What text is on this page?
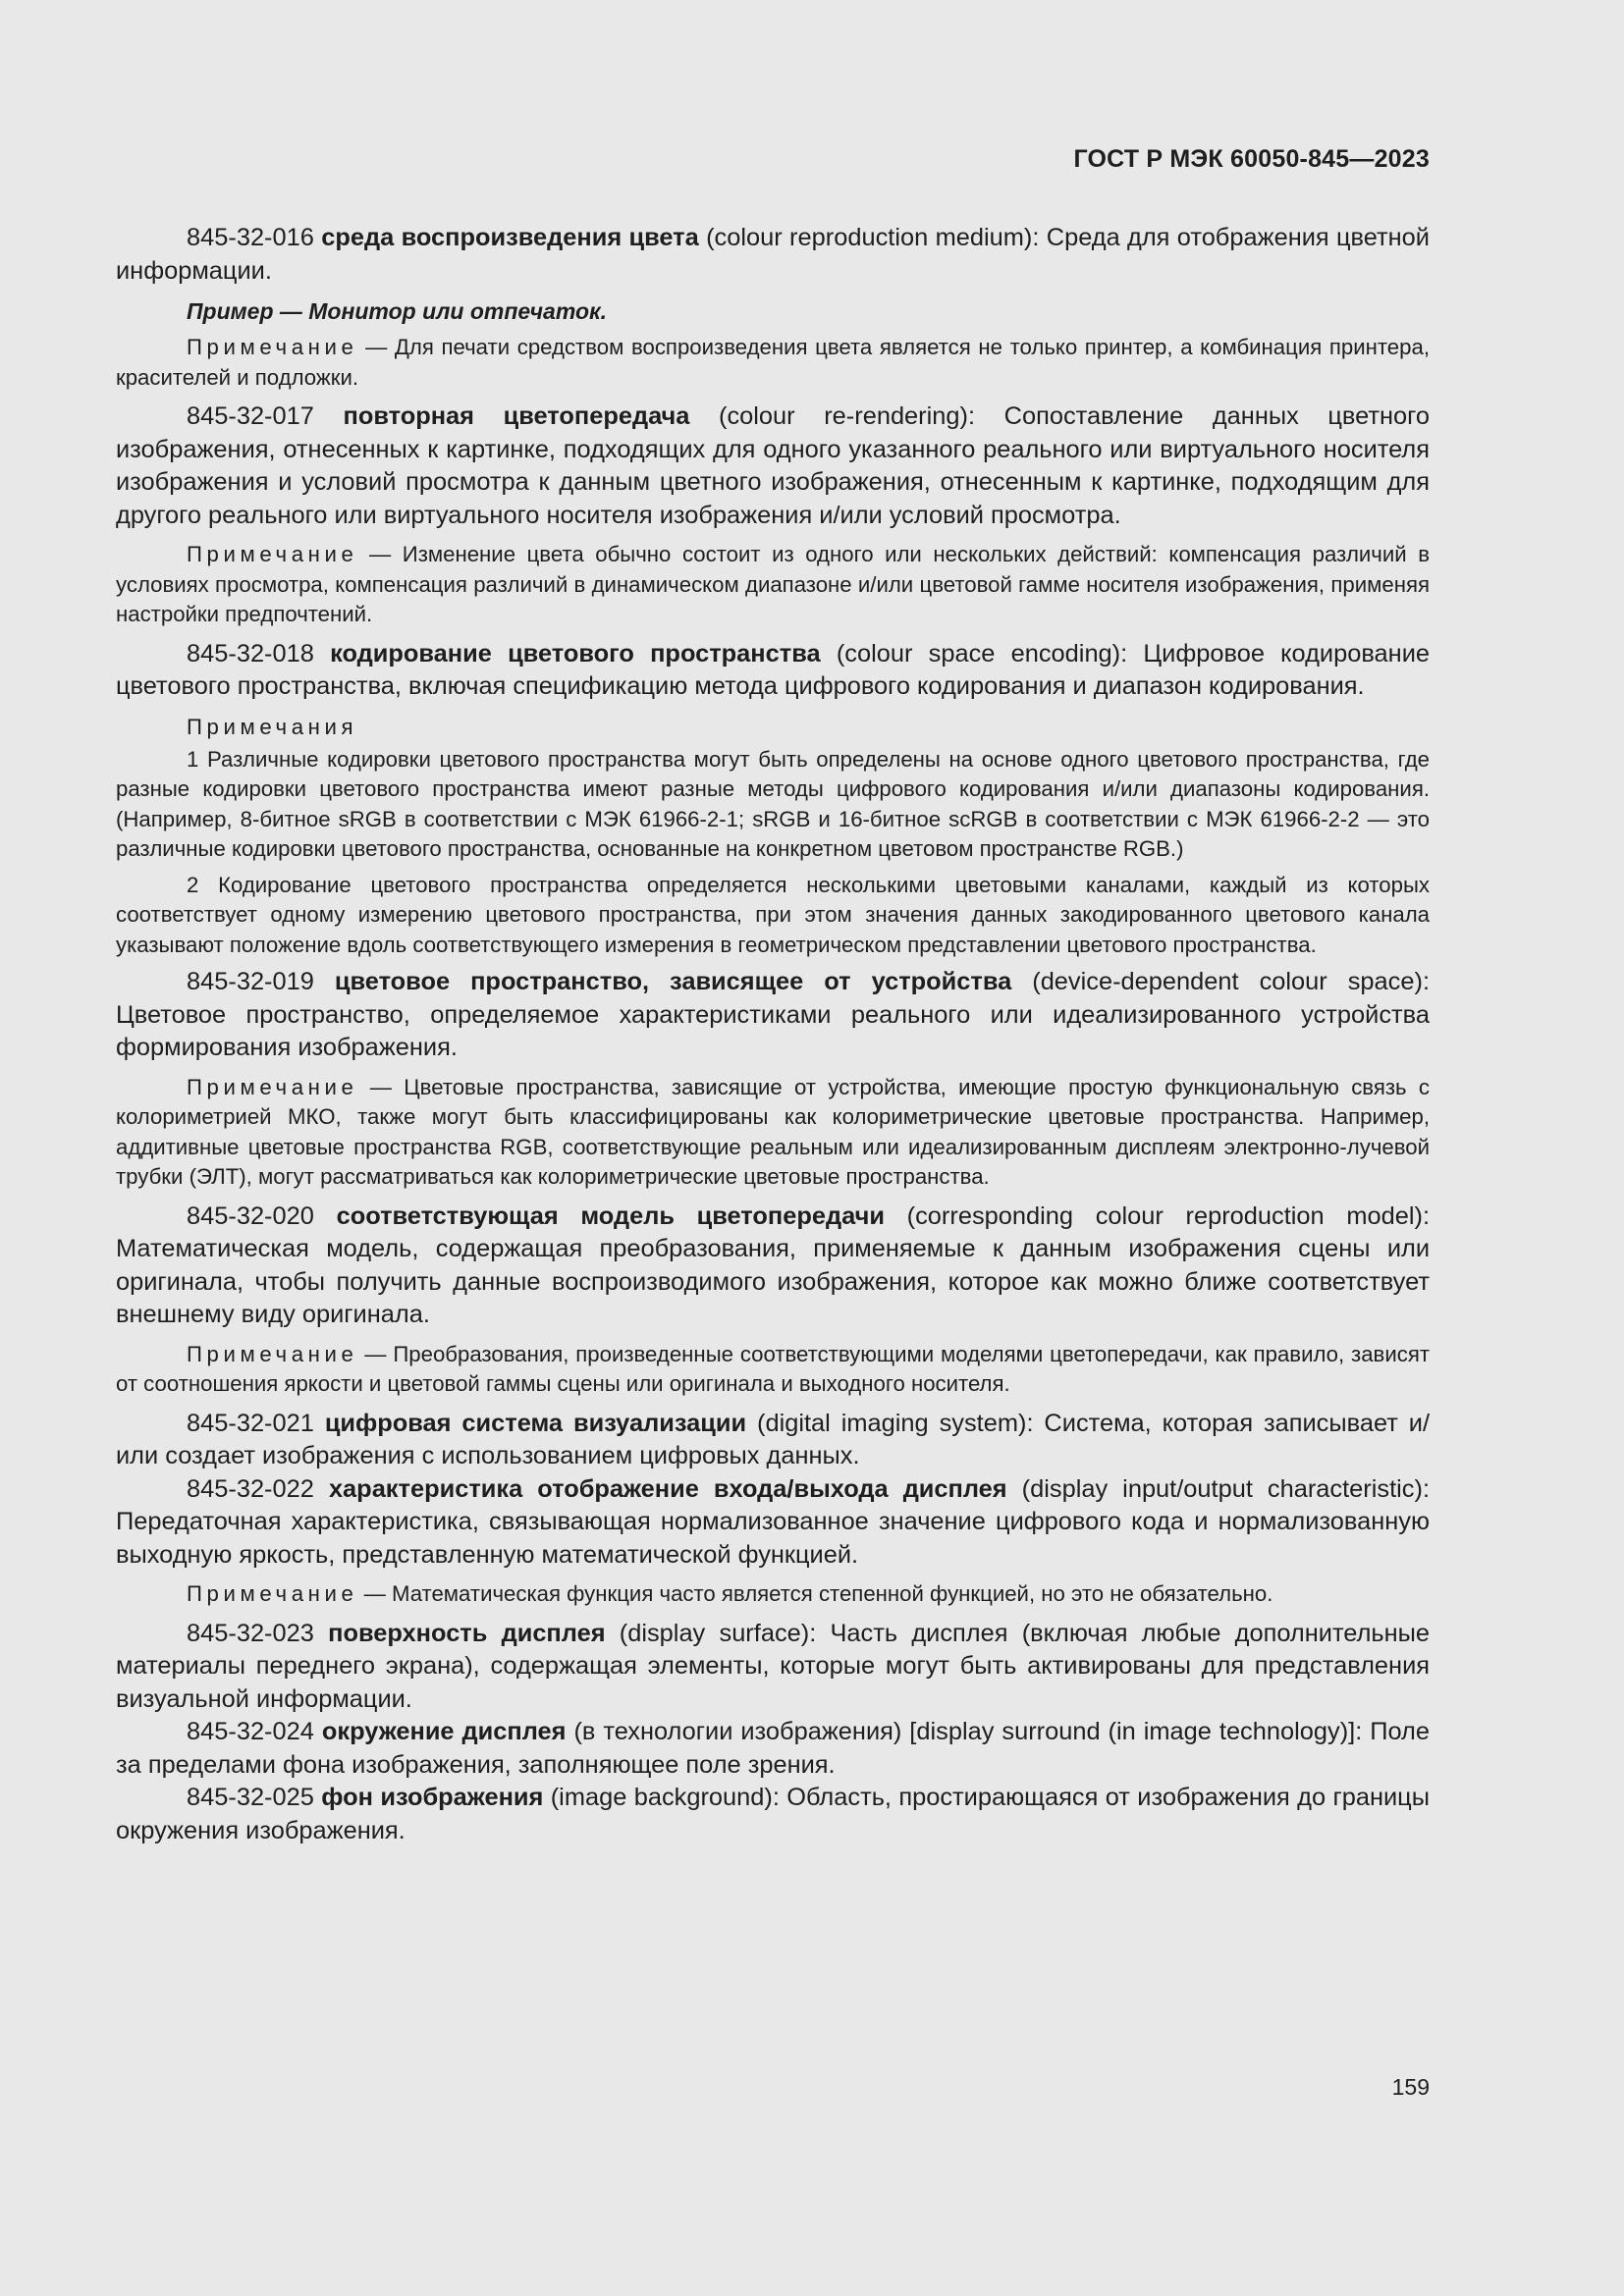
ГОСТ Р МЭК 60050-845—2023

845-32-016 среда воспроизведения цвета (colour reproduction medium): Среда для отображения цветной информации.

Пример — Монитор или отпечаток.

Примечание — Для печати средством воспроизведения цвета является не только принтер, а комбинация принтера, красителей и подложки.

845-32-017 повторная цветопередача (colour re-rendering): Сопоставление данных цветного изображения, отнесенных к картинке, подходящих для одного указанного реального или виртуального носителя изображения и условий просмотра к данным цветного изображения, отнесенным к картинке, подходящим для другого реального или виртуального носителя изображения и/или условий просмотра.

Примечание — Изменение цвета обычно состоит из одного или нескольких действий: компенсация различий в условиях просмотра, компенсация различий в динамическом диапазоне и/или цветовой гамме носителя изображения, применяя настройки предпочтений.

845-32-018 кодирование цветового пространства (colour space encoding): Цифровое кодирование цветового пространства, включая спецификацию метода цифрового кодирования и диапазон кодирования.

Примечания

1 Различные кодировки цветового пространства могут быть определены на основе одного цветового пространства, где разные кодировки цветового пространства имеют разные методы цифрового кодирования и/или диапазоны кодирования. (Например, 8-битное sRGB в соответствии с МЭК 61966-2-1; sRGB и 16-битное scRGB в соответствии с МЭК 61966-2-2 — это различные кодировки цветового пространства, основанные на конкретном цветовом пространстве RGB.)

2 Кодирование цветового пространства определяется несколькими цветовыми каналами, каждый из которых соответствует одному измерению цветового пространства, при этом значения данных закодированного цветового канала указывают положение вдоль соответствующего измерения в геометрическом представлении цветового пространства.

845-32-019 цветовое пространство, зависящее от устройства (device-dependent colour space): Цветовое пространство, определяемое характеристиками реального или идеализированного устройства формирования изображения.

Примечание — Цветовые пространства, зависящие от устройства, имеющие простую функциональную связь с колориметрией МКО, также могут быть классифицированы как колориметрические цветовые пространства. Например, аддитивные цветовые пространства RGB, соответствующие реальным или идеализированным дисплеям электронно-лучевой трубки (ЭЛТ), могут рассматриваться как колориметрические цветовые пространства.

845-32-020 соответствующая модель цветопередачи (corresponding colour reproduction model): Математическая модель, содержащая преобразования, применяемые к данным изображения сцены или оригинала, чтобы получить данные воспроизводимого изображения, которое как можно ближе соответствует внешнему виду оригинала.

Примечание — Преобразования, произведенные соответствующими моделями цветопередачи, как правило, зависят от соотношения яркости и цветовой гаммы сцены или оригинала и выходного носителя.

845-32-021 цифровая система визуализации (digital imaging system): Система, которая записывает и/или создает изображения с использованием цифровых данных.

845-32-022 характеристика отображение входа/выхода дисплея (display input/output characteristic): Передаточная характеристика, связывающая нормализованное значение цифрового кода и нормализованную выходную яркость, представленную математической функцией.

Примечание — Математическая функция часто является степенной функцией, но это не обязательно.

845-32-023 поверхность дисплея (display surface): Часть дисплея (включая любые дополнительные материалы переднего экрана), содержащая элементы, которые могут быть активированы для представления визуальной информации.

845-32-024 окружение дисплея (в технологии изображения) [display surround (in image technology)]: Поле за пределами фона изображения, заполняющее поле зрения.

845-32-025 фон изображения (image background): Область, простирающаяся от изображения до границы окружения изображения.

159
